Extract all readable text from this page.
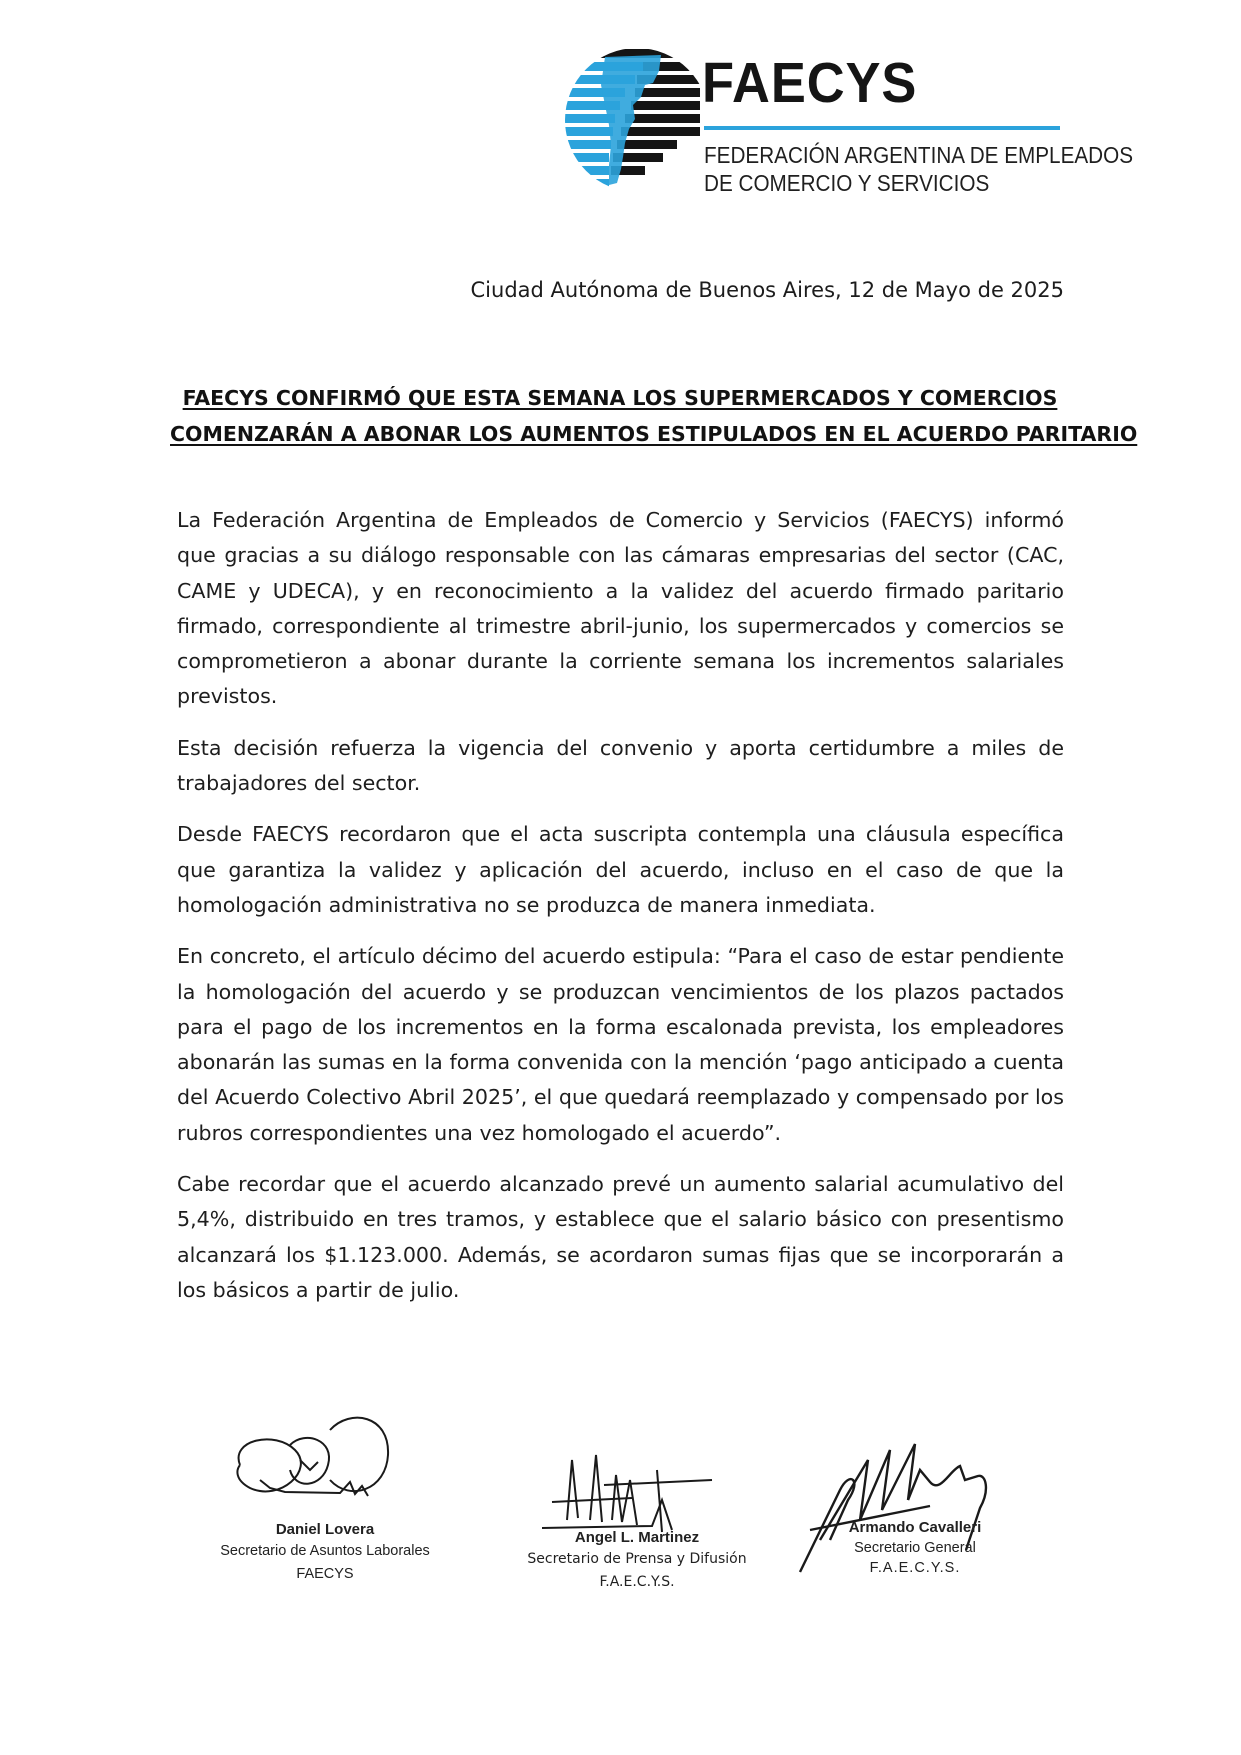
FAECYS
FEDERACIÓN ARGENTINA DE EMPLEADOS
DE COMERCIO Y SERVICIOS
Ciudad Autónoma de Buenos Aires, 12 de Mayo de 2025
FAECYS CONFIRMÓ QUE ESTA SEMANA LOS SUPERMERCADOS Y COMERCIOS
COMENZARÁN A ABONAR LOS AUMENTOS ESTIPULADOS EN EL ACUERDO PARITARIO

La Federación Argentina de Empleados de Comercio y Servicios (FAECYS) informó que gracias a su diálogo responsable con las cámaras empresarias del sector (CAC, CAME y UDECA), y en reconocimiento a la validez del acuerdo firmado paritario firmado, correspondiente al trimestre abril-junio, los supermercados y comercios se comprometieron a abonar durante la corriente semana los incrementos salariales previstos.

Esta decisión refuerza la vigencia del convenio y aporta certidumbre a miles de trabajadores del sector.

Desde FAECYS recordaron que el acta suscripta contempla una cláusula específica que garantiza la validez y aplicación del acuerdo, incluso en el caso de que la homologación administrativa no se produzca de manera inmediata.

En concreto, el artículo décimo del acuerdo estipula: “Para el caso de estar pendiente la homologación del acuerdo y se produzcan vencimientos de los plazos pactados para el pago de los incrementos en la forma escalonada prevista, los empleadores abonarán las sumas en la forma convenida con la mención ‘pago anticipado a cuenta del Acuerdo Colectivo Abril 2025’, el que quedará reemplazado y compensado por los rubros correspondientes una vez homologado el acuerdo”.

Cabe recordar que el acuerdo alcanzado prevé un aumento salarial acumulativo del 5,4%, distribuido en tres tramos, y establece que el salario básico con presentismo alcanzará los $1.123.000. Además, se acordaron sumas fijas que se incorporarán a los básicos a partir de julio.

Daniel Lovera
Secretario de Asuntos Laborales
FAECYS
Angel L. Martinez
Secretario de Prensa y Difusión
F.A.E.C.Y.S.
Armando Cavalleri
Secretario General
F.A.E.C.Y.S.
